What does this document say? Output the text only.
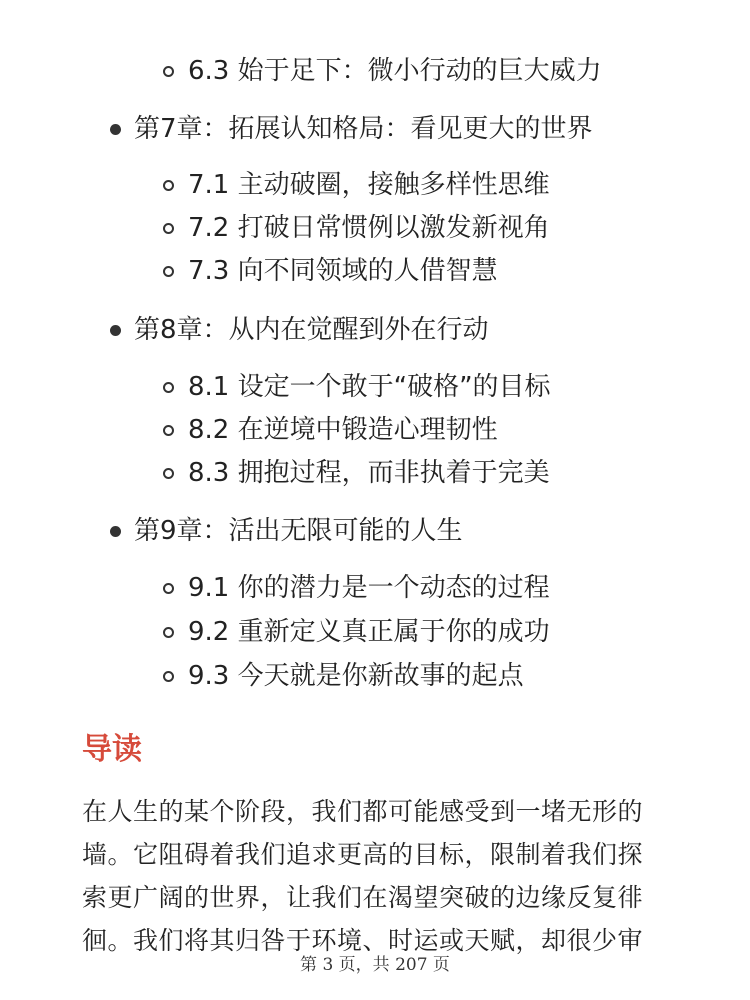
6.3 始于足下：微小行动的巨大威力
第7章：拓展认知格局：看见更大的世界
7.1 主动破圈，接触多样性思维
7.2 打破日常惯例以激发新视角
7.3 向不同领域的人借智慧
第8章：从内在觉醒到外在行动
8.1 设定一个敢于“破格”的目标
8.2 在逆境中锻造心理韧性
8.3 拥抱过程，而非执着于完美
第9章：活出无限可能的人生
9.1 你的潜力是一个动态的过程
9.2 重新定义真正属于你的成功
9.3 今天就是你新故事的起点
导读
在人生的某个阶段，我们都可能感受到一堵无形的
墙。它阻碍着我们追求更高的目标，限制着我们探
索更广阔的世界，让我们在渴望突破的边缘反复徘
徊。我们将其归咎于环境、时运或天赋，却很少审
第 3 页，共 207 页
